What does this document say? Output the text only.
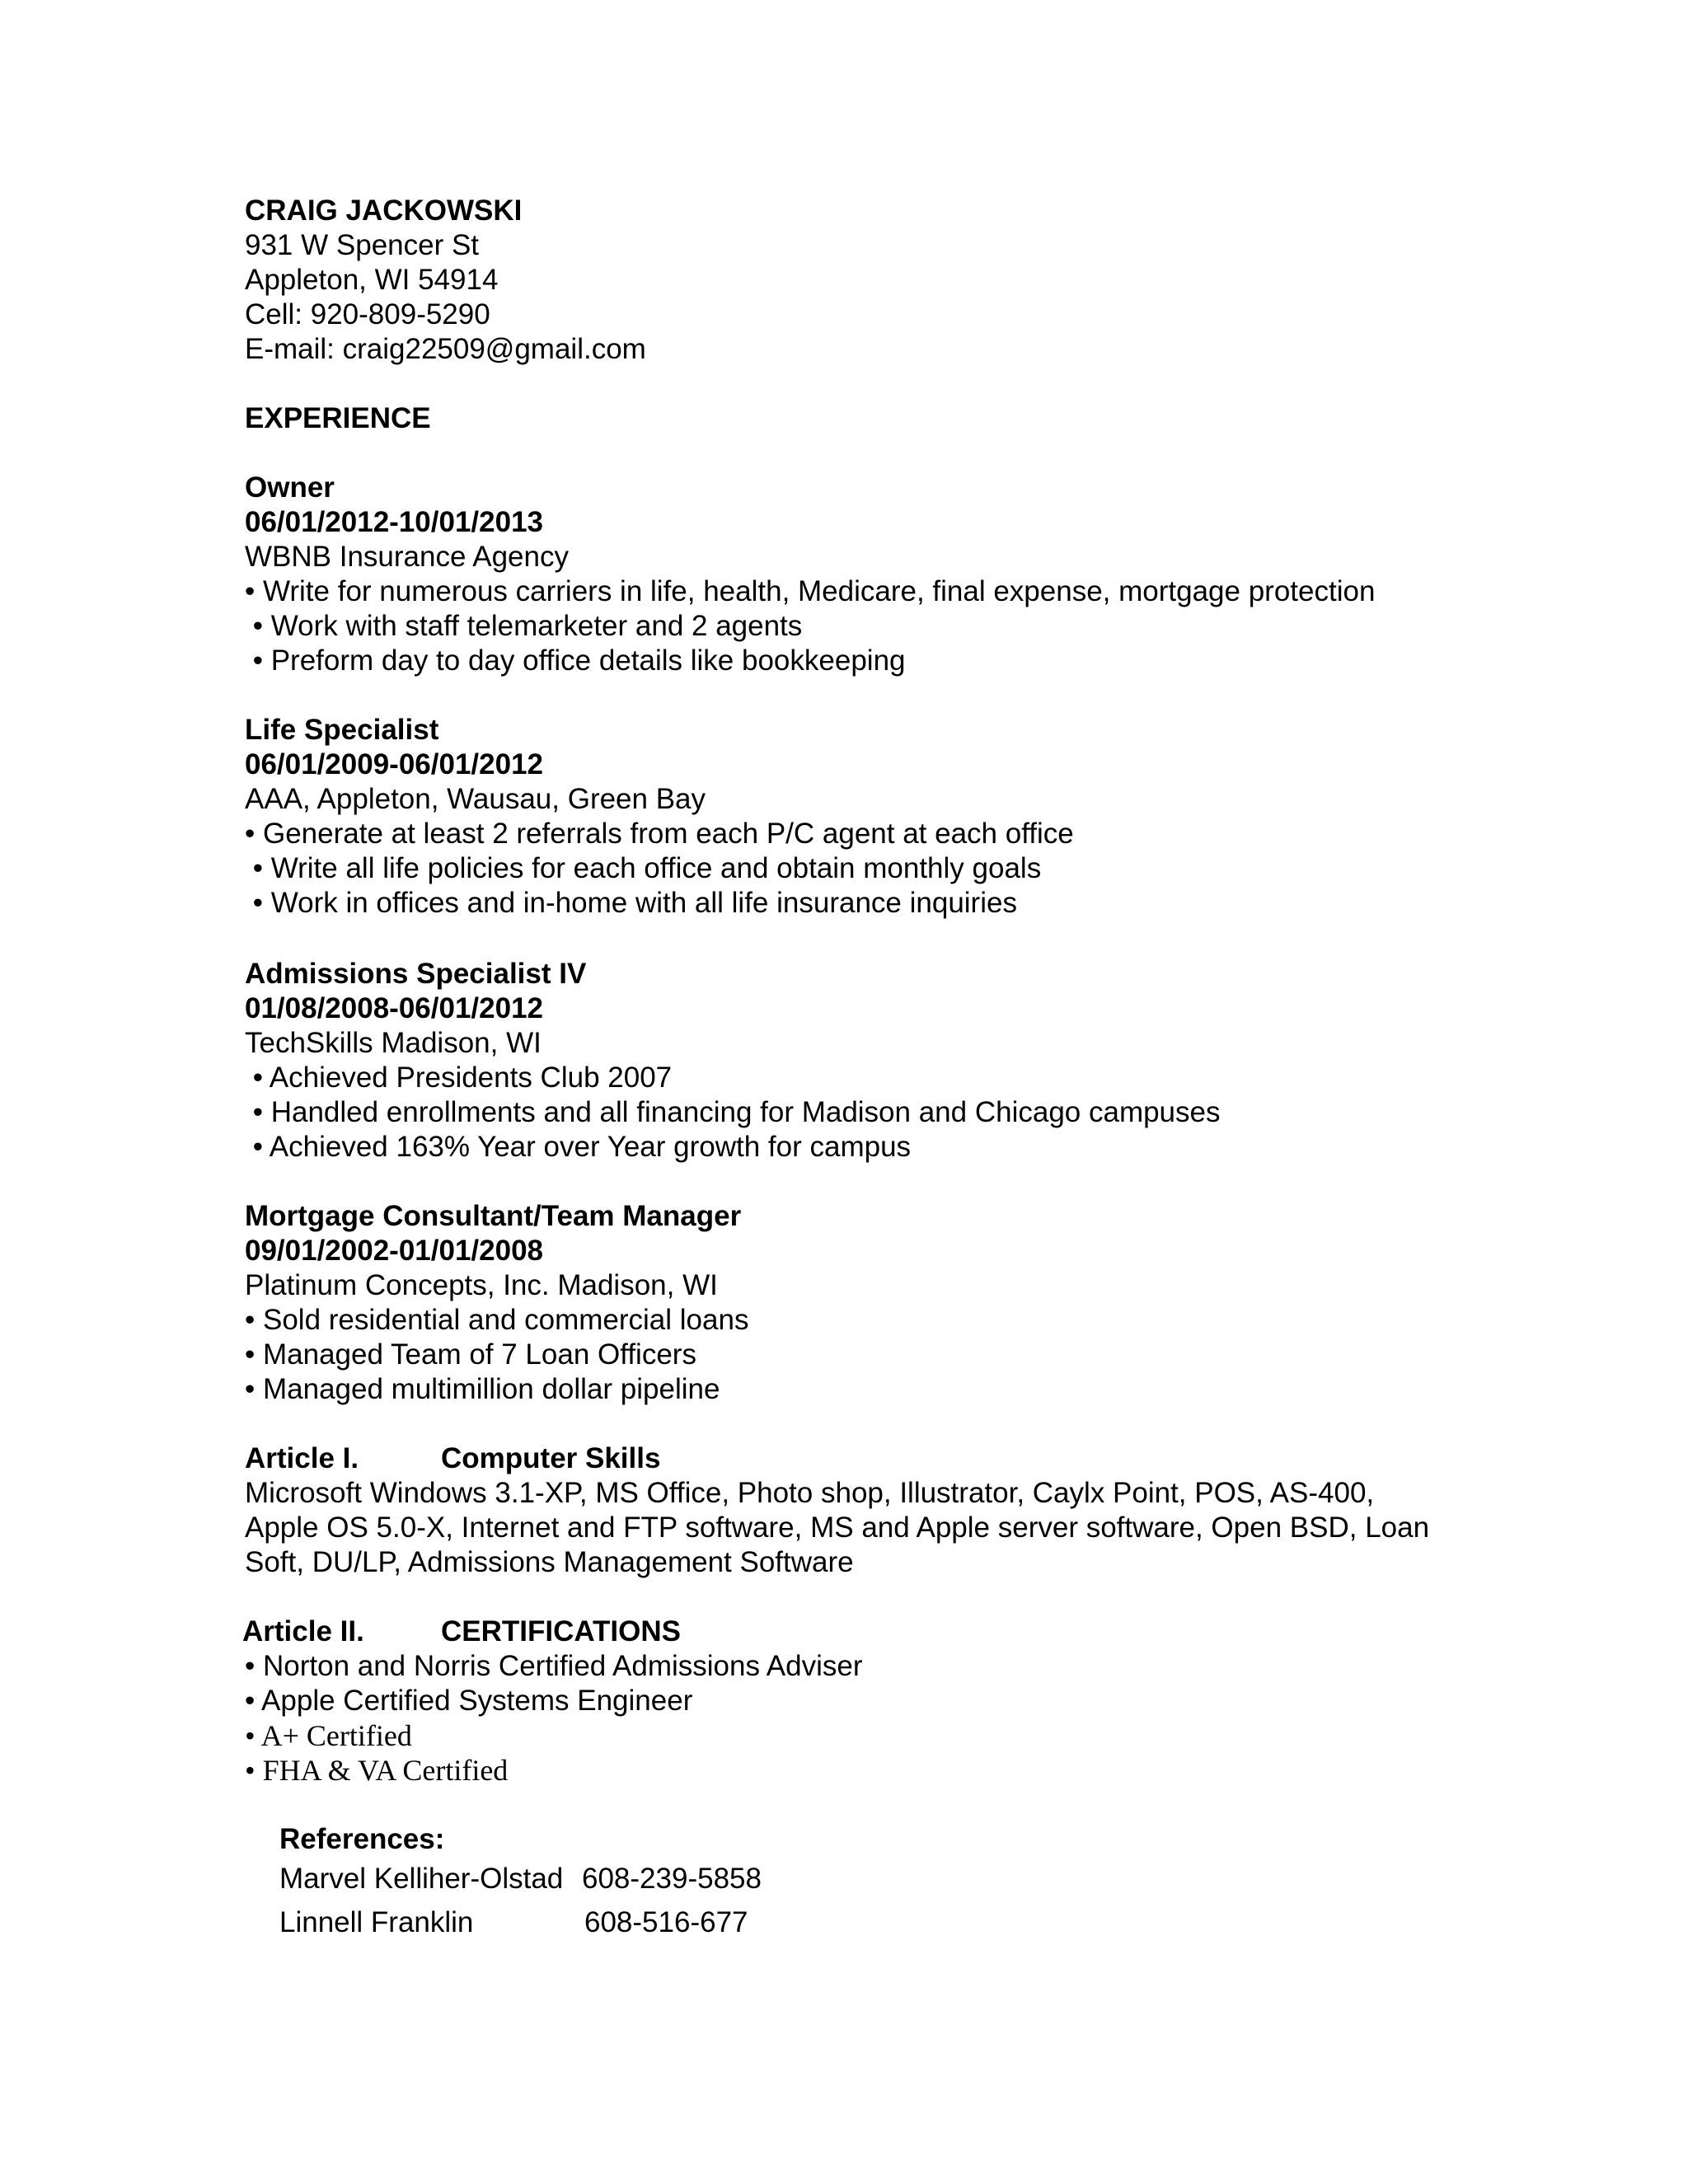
CRAIG JACKOWSKI
931 W Spencer St
Appleton, WI 54914
Cell: 920-809-5290
E-mail: craig22509@gmail.com
EXPERIENCE
Owner
06/01/2012-10/01/2013
WBNB Insurance Agency
• Write for numerous carriers in life, health, Medicare, final expense, mortgage protection
• Work with staff telemarketer and 2 agents
• Preform day to day office details like bookkeeping
Life Specialist
06/01/2009-06/01/2012
AAA, Appleton, Wausau, Green Bay
• Generate at least 2 referrals from each P/C agent at each office
• Write all life policies for each office and obtain monthly goals
• Work in offices and in-home with all life insurance inquiries
Admissions Specialist IV
01/08/2008-06/01/2012
TechSkills Madison, WI
• Achieved Presidents Club 2007
• Handled enrollments and all financing for Madison and Chicago campuses
• Achieved 163% Year over Year growth for campus
Mortgage Consultant/Team Manager
09/01/2002-01/01/2008
Platinum Concepts, Inc. Madison, WI
• Sold residential and commercial loans
• Managed Team of 7 Loan Officers
• Managed multimillion dollar pipeline
Article I.	Computer Skills

Microsoft Windows 3.1-XP, MS Office, Photo shop, Illustrator, Caylx Point, POS, AS-400, Apple OS 5.0-X, Internet and FTP software, MS and Apple server software, Open BSD, Loan Soft, DU/LP, Admissions Management Software

Article II.	CERTIFICATIONS
• Norton and Norris Certified Admissions Adviser
• Apple Certified Systems Engineer
• A+ Certified
• FHA & VA Certified
References:
Marvel Kelliher-Olstad 608-239-5858
Linnell Franklin	608-516-677
